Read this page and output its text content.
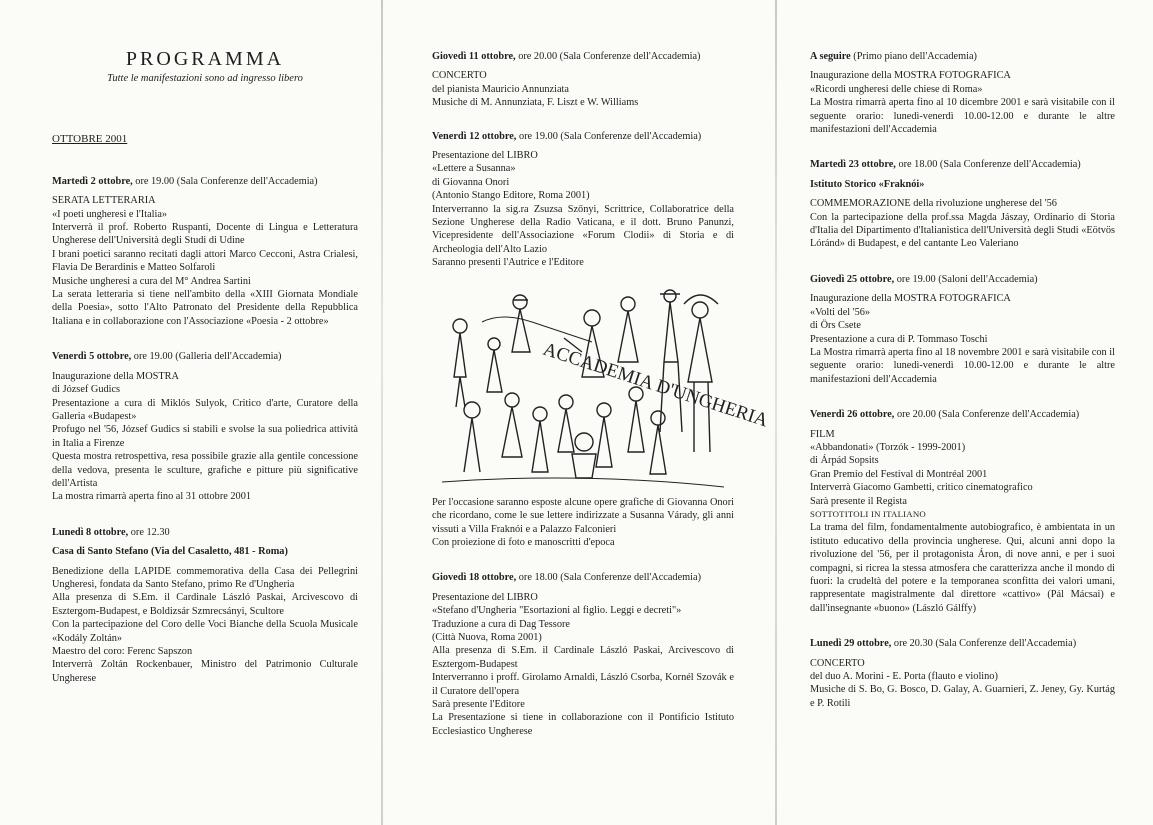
PROGRAMMA

Tutte le manifestazioni sono ad ingresso libero

OTTOBRE 2001

Martedì 2 ottobre, ore 19.00 (Sala Conferenze dell'Accademia)

SERATA LETTERARIA

«I poeti ungheresi e l'Italia»

Interverrà il prof. Roberto Ruspanti, Docente di Lingua e Letteratura Ungherese dell'Università degli Studi di Udine

I brani poetici saranno recitati dagli attori Marco Cecconi, Astra Crialesi, Flavia De Berardinis e Matteo Solfaroli

Musiche ungheresi a cura del M° Andrea Sartini

La serata letteraria si tiene nell'ambito della «XIII Giornata Mondiale della Poesia», sotto l'Alto Patronato del Presidente della Repubblica Italiana e in collaborazione con l'Associazione «Poesia - 2 ottobre»

Venerdì 5 ottobre, ore 19.00 (Galleria dell'Accademia)

Inaugurazione della MOSTRA

di József Gudics

Presentazione a cura di Miklós Sulyok, Critico d'arte, Curatore della Galleria «Budapest»

Profugo nel '56, József Gudics si stabilì e svolse la sua poliedrica attività in Italia a Firenze

Questa mostra retrospettiva, resa possibile grazie alla gentile concessione della vedova, presenta le sculture, grafiche e pitture più significative dell'Artista

La mostra rimarrà aperta fino al 31 ottobre 2001

Lunedì 8 ottobre, ore 12.30

Casa di Santo Stefano (Via del Casaletto, 481 - Roma)

Benedizione della LAPIDE commemorativa della Casa dei Pellegrini Ungheresi, fondata da Santo Stefano, primo Re d'Ungheria

Alla presenza di S.Em. il Cardinale László Paskai, Arcivescovo di Esztergom-Budapest, e Boldizsár Szmrecsányi, Scultore

Con la partecipazione del Coro delle Voci Bianche della Scuola Musicale «Kodály Zoltán»

Maestro del coro: Ferenc Sapszon

Interverrà Zoltán Rockenbauer, Ministro del Patrimonio Culturale Ungherese

Giovedì 11 ottobre, ore 20.00 (Sala Conferenze dell'Accademia)

CONCERTO

del pianista Mauricio Annunziata

Musiche di M. Annunziata, F. Liszt e W. Williams

Venerdì 12 ottobre, ore 19.00 (Sala Conferenze dell'Accademia)

Presentazione del LIBRO

«Lettere a Susanna»

di Giovanna Onori

(Antonio Stango Editore, Roma 2001)

Interverranno la sig.ra Zsuzsa Szőnyi, Scrittrice, Collaboratrice della Sezione Ungherese della Radio Vaticana, e il dott. Bruno Panunzi, Vicepresidente dell'Associazione «Forum Clodii» di Storia e di Archeologia dell'Alto Lazio

Saranno presenti l'Autrice e l'Editore

ACCADEMIA D'UNGHERIA

Per l'occasione saranno esposte alcune opere grafiche di Giovanna Onori che ricordano, come le sue lettere indirizzate a Susanna Várady, gli anni vissuti a Villa Fraknói e a Palazzo Falconieri

Con proiezione di foto e manoscritti d'epoca

Giovedì 18 ottobre, ore 18.00 (Sala Conferenze dell'Accademia)

Presentazione del LIBRO

«Stefano d'Ungheria "Esortazioni al figlio. Leggi e decreti"»

Traduzione a cura di Dag Tessore

(Città Nuova, Roma 2001)

Alla presenza di S.Em. il Cardinale László Paskai, Arcivescovo di Esztergom-Budapest

Interverranno i proff. Girolamo Arnaldi, László Csorba, Kornél Szovák e il Curatore dell'opera

Sarà presente l'Editore

La Presentazione si tiene in collaborazione con il Pontificio Istituto Ecclesiastico Ungherese

A seguire (Primo piano dell'Accademia)

Inaugurazione della MOSTRA FOTOGRAFICA

«Ricordi ungheresi delle chiese di Roma»

La Mostra rimarrà aperta fino al 10 dicembre 2001 e sarà visitabile con il seguente orario: lunedì-venerdì 10.00-12.00 e durante le altre manifestazioni dell'Accademia

Martedì 23 ottobre, ore 18.00 (Sala Conferenze dell'Accademia)

Istituto Storico «Fraknói»

COMMEMORAZIONE della rivoluzione ungherese del '56

Con la partecipazione della prof.ssa Magda Jászay, Ordinario di Storia d'Italia del Dipartimento d'Italianistica dell'Università degli Studi «Eötvös Lóránd» di Budapest, e del cantante Leo Valeriano

Giovedì 25 ottobre, ore 19.00 (Saloni dell'Accademia)

Inaugurazione della MOSTRA FOTOGRAFICA

«Volti del '56»

di Örs Csete

Presentazione a cura di P. Tommaso Toschi

La Mostra rimarrà aperta fino al 18 novembre 2001 e sarà visitabile con il seguente orario: lunedì-venerdì 10.00-12.00 e durante le altre manifestazioni dell'Accademia

Venerdì 26 ottobre, ore 20.00 (Sala Conferenze dell'Accademia)

FILM

«Abbandonati» (Torzók - 1999-2001)

di Árpád Sopsits

Gran Premio del Festival di Montréal 2001

Interverrà Giacomo Gambetti, critico cinematografico

Sarà presente il Regista

SOTTOTITOLI IN ITALIANO

La trama del film, fondamentalmente autobiografico, è ambientata in un istituto educativo della provincia ungherese. Qui, alcuni anni dopo la rivoluzione del '56, per il protagonista Áron, di nove anni, e per i suoi compagni, si ricrea la stessa atmosfera che caratterizza anche il mondo di fuori: la crudeltà del potere e la temporanea sconfitta dei valori umani, rappresentate magistralmente dal direttore «cattivo» (Pál Mácsai) e dall'insegnante «buono» (László Gálffy)

Lunedì 29 ottobre, ore 20.30 (Sala Conferenze dell'Accademia)

CONCERTO

del duo A. Morini - E. Porta (flauto e violino)

Musiche di S. Bo, G. Bosco, D. Galay, A. Guarnieri, Z. Jeney, Gy. Kurtág e P. Rotili
